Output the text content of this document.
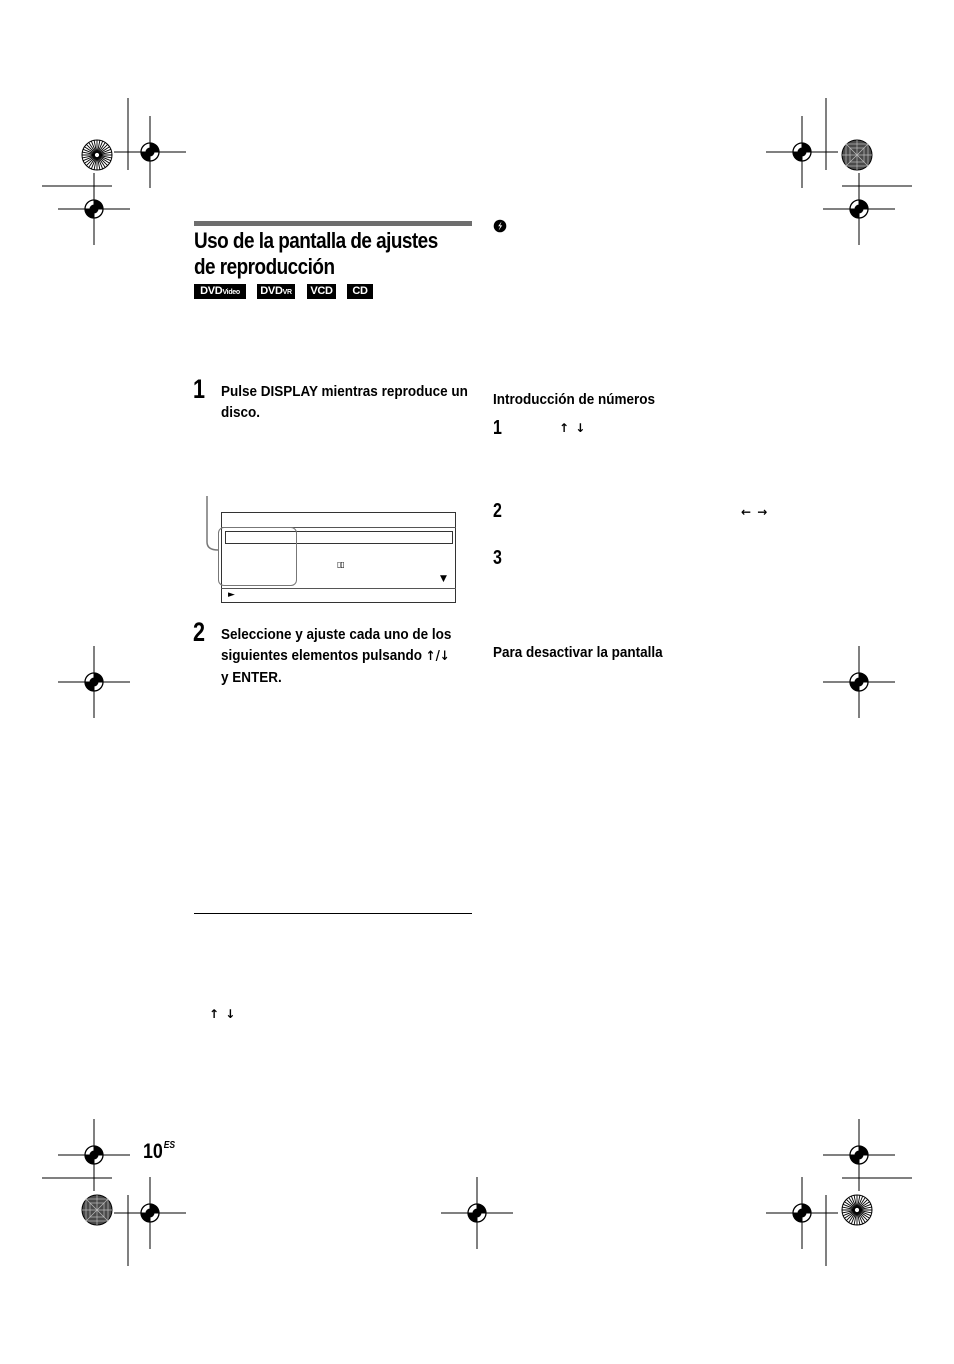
Uso de la pantalla de ajustes
de reproducción
DVDVideo	DVDVR	VCD	CD
1 Pulse DISPLAY mientras reproduce un disco.
▯▯
▼
►
2 Seleccione y ajuste cada uno de los
siguientes elementos pulsando ↑/↓
y ENTER.
↑ ↓
Introducción de números
1	↑ ↓
2	← →
3
Para desactivar la pantalla
$10^{ES}$
